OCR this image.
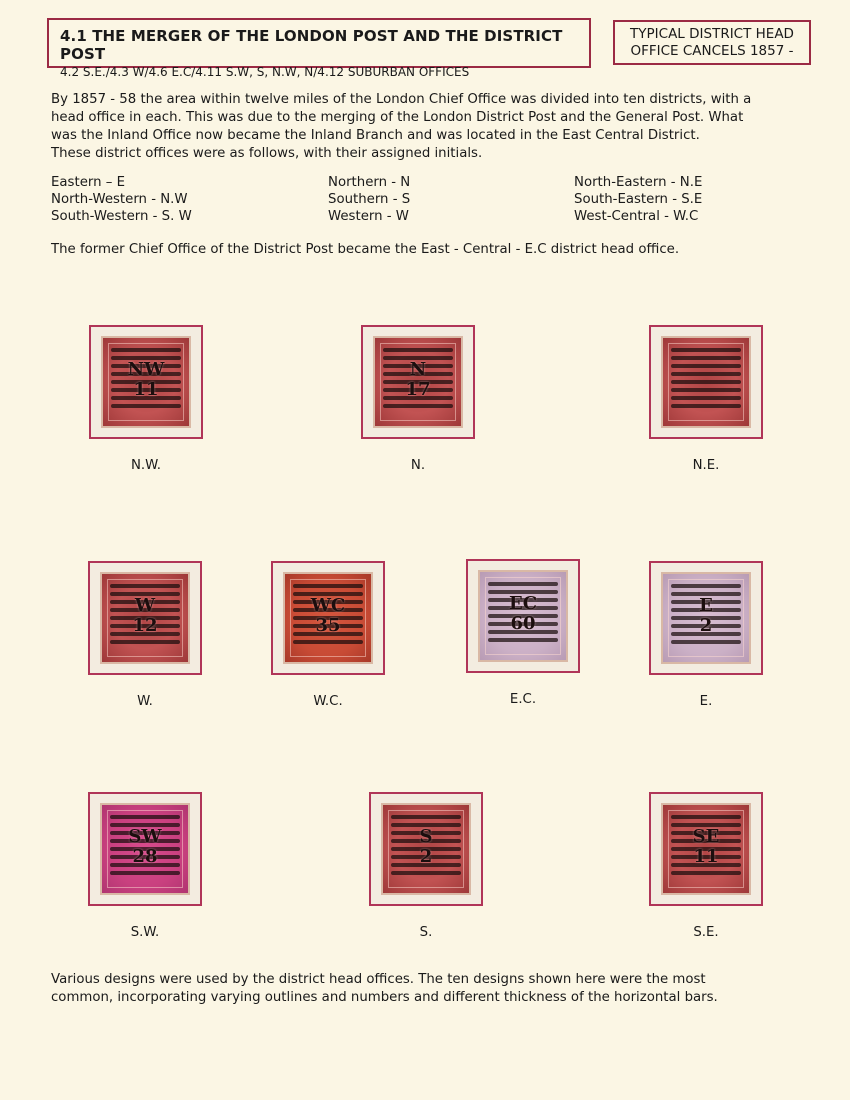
4.1 THE MERGER OF THE LONDON POST AND THE DISTRICT POST
4.2 S.E./4.3 W/4.6 E.C/4.11 S.W, S, N.W, N/4.12 SUBURBAN OFFICES
TYPICAL DISTRICT HEAD
OFFICE CANCELS 1857 -
By 1857 - 58 the area within twelve miles of the London Chief Office was divided into ten districts, with a
head office in each. This was due to the merging of the London District Post and the General Post. What
was the Inland Office now became the Inland Branch and was located in the East Central District.
These district offices were as follows, with their assigned initials.
Eastern – E	Northern - N	North-Eastern - N.E
North-Western - N.W	Southern - S	South-Eastern - S.E
South-Western - S. W	Western - W	West-Central - W.C
The former Chief Office of the District Post became the East - Central - E.C district head office.
NW
11
N.W.
N
17
N.	N.E.
W
12
W.
WC
35
W.C.
EC
60
E.C.
E
2
E.
SW
28
S.W.
S
2
S.
SE
11
S.E.
Various designs were used by the district head offices. The ten designs shown here were the most
common, incorporating varying outlines and numbers and different thickness of the horizontal bars.
